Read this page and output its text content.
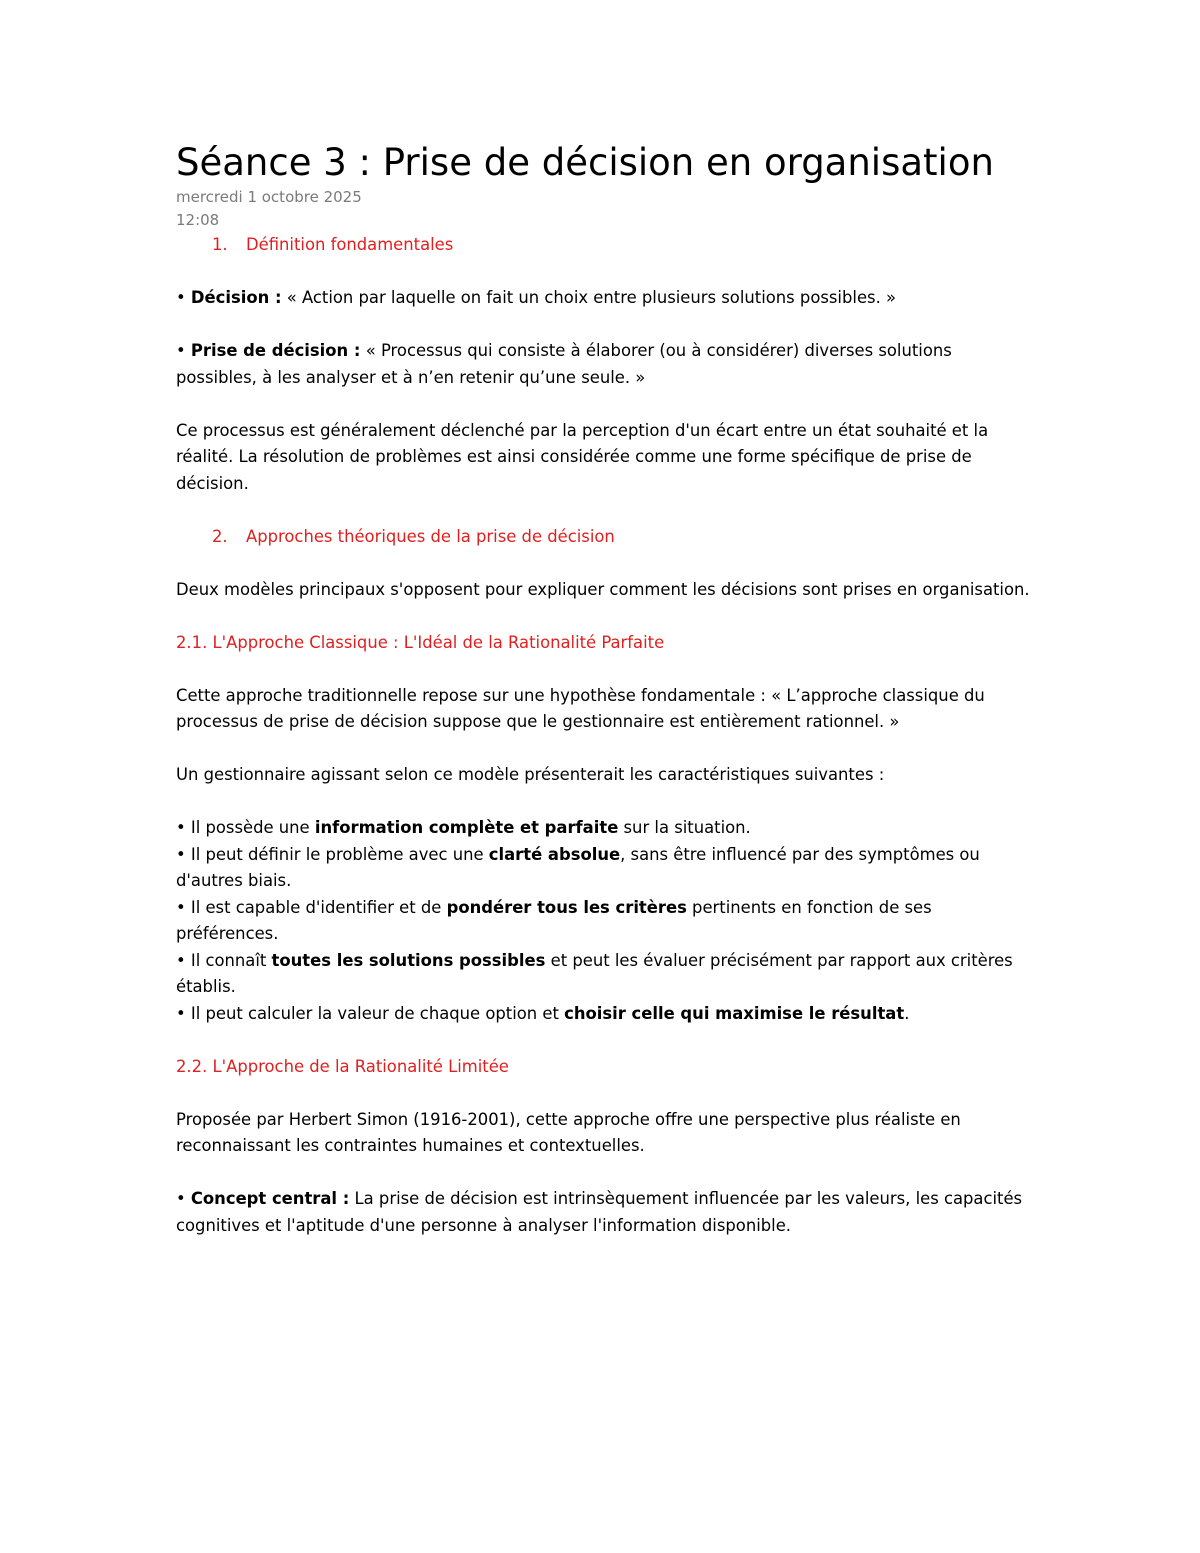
Séance 3 : Prise de décision en organisation

mercredi 1 octobre 2025

12:08

1. Définition fondamentales

• Décision : « Action par laquelle on fait un choix entre plusieurs solutions possibles. »

• Prise de décision : « Processus qui consiste à élaborer (ou à considérer) diverses solutions possibles, à les analyser et à n’en retenir qu’une seule. »

Ce processus est généralement déclenché par la perception d'un écart entre un état souhaité et la réalité. La résolution de problèmes est ainsi considérée comme une forme spécifique de prise de décision.

2. Approches théoriques de la prise de décision

Deux modèles principaux s'opposent pour expliquer comment les décisions sont prises en organisation.

2.1. L'Approche Classique : L'Idéal de la Rationalité Parfaite

Cette approche traditionnelle repose sur une hypothèse fondamentale : « L’approche classique du processus de prise de décision suppose que le gestionnaire est entièrement rationnel. »

Un gestionnaire agissant selon ce modèle présenterait les caractéristiques suivantes :

• Il possède une information complète et parfaite sur la situation.

• Il peut définir le problème avec une clarté absolue, sans être influencé par des symptômes ou d'autres biais.

• Il est capable d'identifier et de pondérer tous les critères pertinents en fonction de ses préférences.

• Il connaît toutes les solutions possibles et peut les évaluer précisément par rapport aux critères établis.

• Il peut calculer la valeur de chaque option et choisir celle qui maximise le résultat.

2.2. L'Approche de la Rationalité Limitée

Proposée par Herbert Simon (1916-2001), cette approche offre une perspective plus réaliste en reconnaissant les contraintes humaines et contextuelles.

• Concept central : La prise de décision est intrinsèquement influencée par les valeurs, les capacités cognitives et l'aptitude d'une personne à analyser l'information disponible.
